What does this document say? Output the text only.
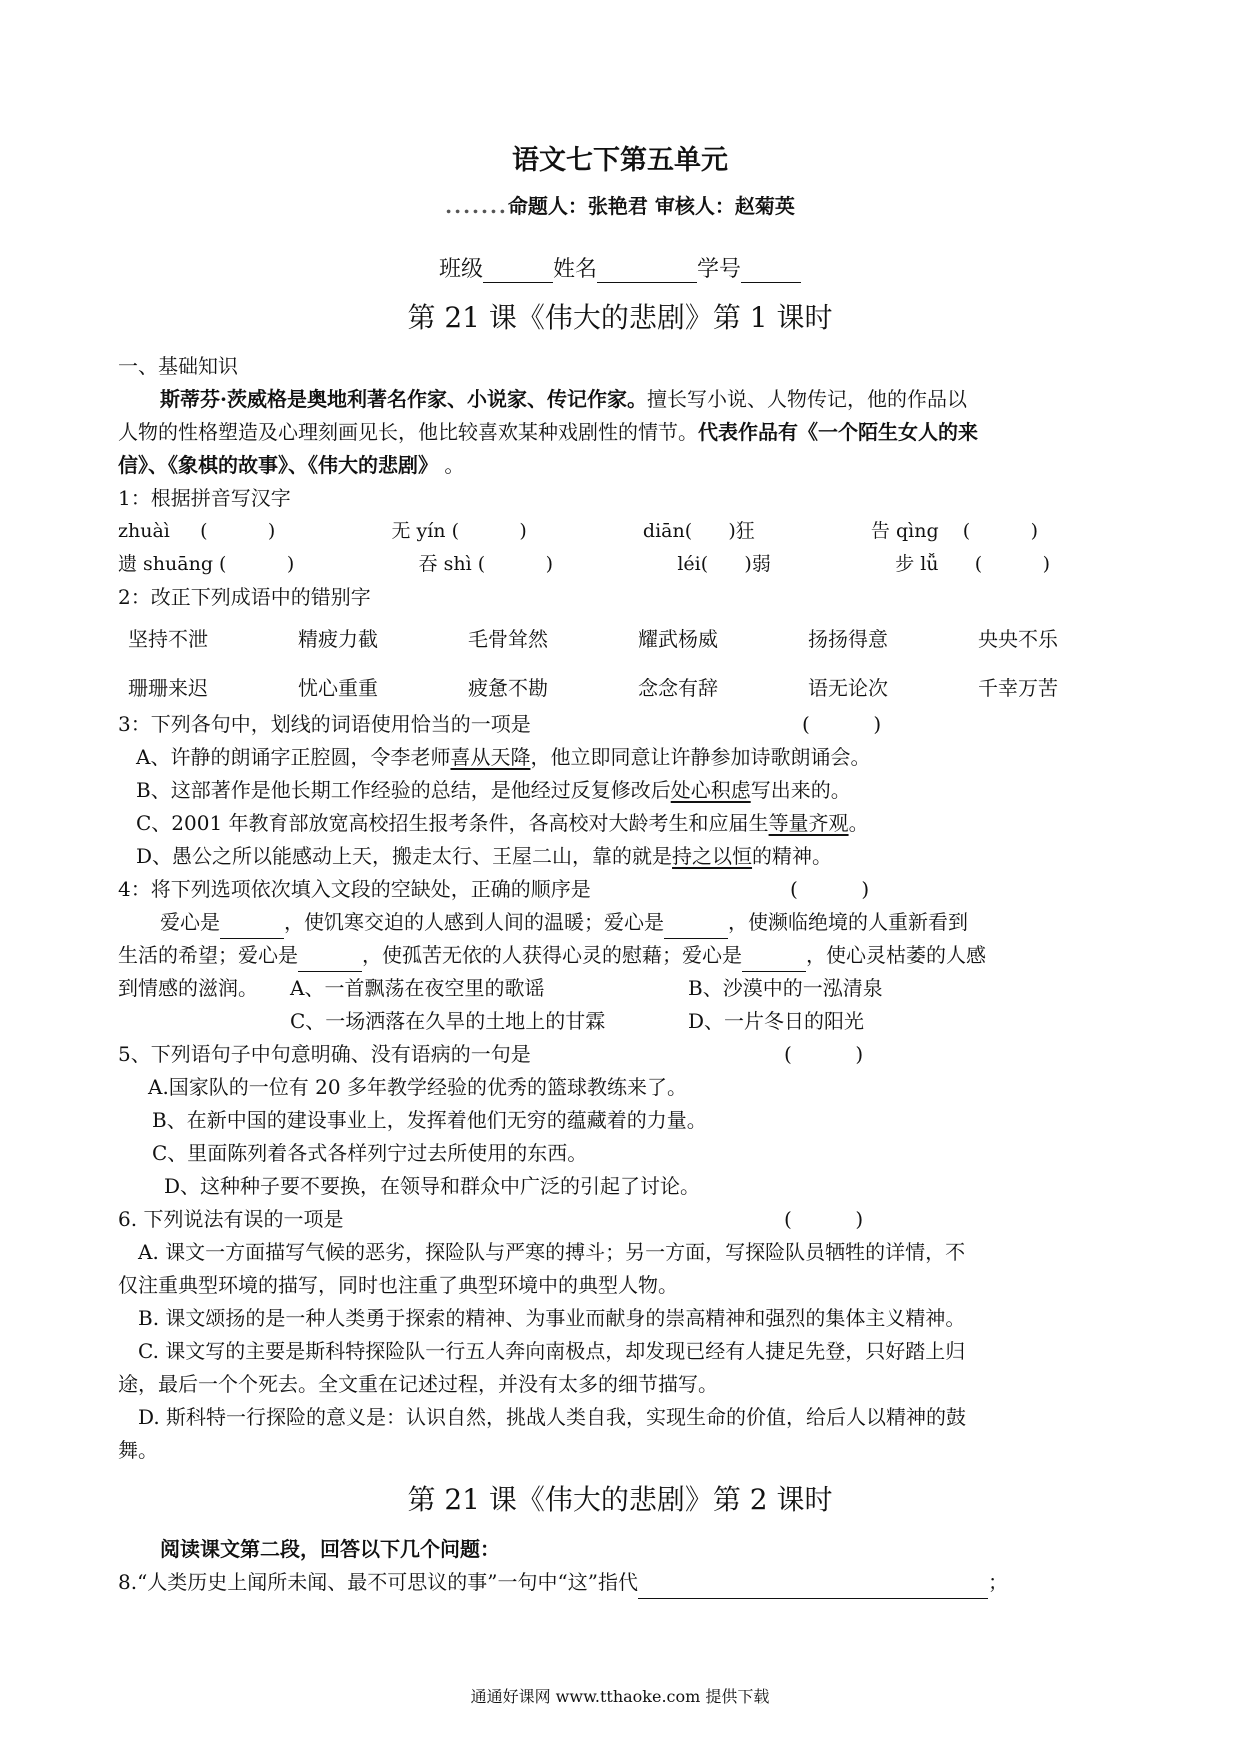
语文七下第五单元
.......命题人：张艳君 审核人：赵菊英
班级	姓名	学号
第 21 课《伟大的悲剧》第 1 课时
一、基础知识
斯蒂芬·茨威格是奥地利著名作家、小说家、传记作家。擅长写小说、人物传记，他的作品以
人物的性格塑造及心理刻画见长，他比较喜欢某种戏剧性的情节。代表作品有《一个陌生女人的来
信》、《象棋的故事》、《伟大的悲剧》 。
1：根据拼音写汉字
zhuàì     (          )	无 yín (          )	diān(      )狂	告 qìng    (          )
遗 shuāng (          )	吞 shì (          )	léi(      )弱	步 lǚ      (          )
2：改正下列成语中的错别字
坚持不泄	精疲力截	毛骨耸然	耀武杨威	扬扬得意	央央不乐
珊珊来迟	忧心重重	疲惫不勘	念念有辞	语无论次	千幸万苦
3：下列各句中，划线的词语使用恰当的一项是	(          )
A、许静的朗诵字正腔圆，令李老师喜从天降，他立即同意让许静参加诗歌朗诵会。
B、这部著作是他长期工作经验的总结，是他经过反复修改后处心积虑写出来的。
C、2001 年教育部放宽高校招生报考条件，各高校对大龄考生和应届生等量齐观。
D、愚公之所以能感动上天，搬走太行、王屋二山，靠的就是持之以恒的精神。
4：将下列选项依次填入文段的空缺处，正确的顺序是	(          )
爱心是	，使饥寒交迫的人感到人间的温暖；爱心是	，使濒临绝境的人重新看到
生活的希望；爱心是	，使孤苦无依的人获得心灵的慰藉；爱心是	，使心灵枯萎的人感
到情感的滋润。 A、一首飘荡在夜空里的歌谣	B、沙漠中的一泓清泉
C、一场洒落在久旱的土地上的甘霖	D、一片冬日的阳光
5、下列语句子中句意明确、没有语病的一句是	(          )
A.国家队的一位有 20 多年教学经验的优秀的篮球教练来了。
B、在新中国的建设事业上，发挥着他们无穷的蕴藏着的力量。
C、里面陈列着各式各样列宁过去所使用的东西。
D、这种种子要不要换，在领导和群众中广泛的引起了讨论。
6. 下列说法有误的一项是	(          )
A. 课文一方面描写气候的恶劣，探险队与严寒的搏斗；另一方面，写探险队员牺牲的详情，不
仅注重典型环境的描写，同时也注重了典型环境中的典型人物。
B. 课文颂扬的是一种人类勇于探索的精神、为事业而献身的崇高精神和强烈的集体主义精神。
C. 课文写的主要是斯科特探险队一行五人奔向南极点，却发现已经有人捷足先登，只好踏上归
途，最后一个个死去。全文重在记述过程，并没有太多的细节描写。
D. 斯科特一行探险的意义是：认识自然，挑战人类自我，实现生命的价值，给后人以精神的鼓
舞。
第 21 课《伟大的悲剧》第 2 课时
阅读课文第二段，回答以下几个问题：
8.“人类历史上闻所未闻、最不可思议的事”一句中“这”指代	；
通通好课网 www.tthaoke.com 提供下载
